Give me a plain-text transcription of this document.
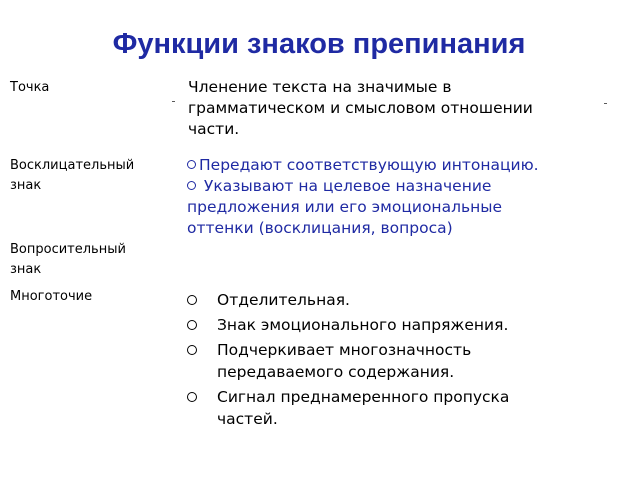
Функции знаков препинания
Точка	Членение текста на значимые в
грамматическом и смысловом отношении
части.
Восклицательный
знак
Вопросительный
знак
Передают соответствующую интонацию.
Указывают на целевое назначение
предложения или его эмоциональные
оттенки (восклицания, вопроса)
Многоточие	Отделительная.
Знак эмоционального напряжения.
Подчеркивает многозначность
передаваемого содержания.
Сигнал преднамеренного пропуска
частей.
